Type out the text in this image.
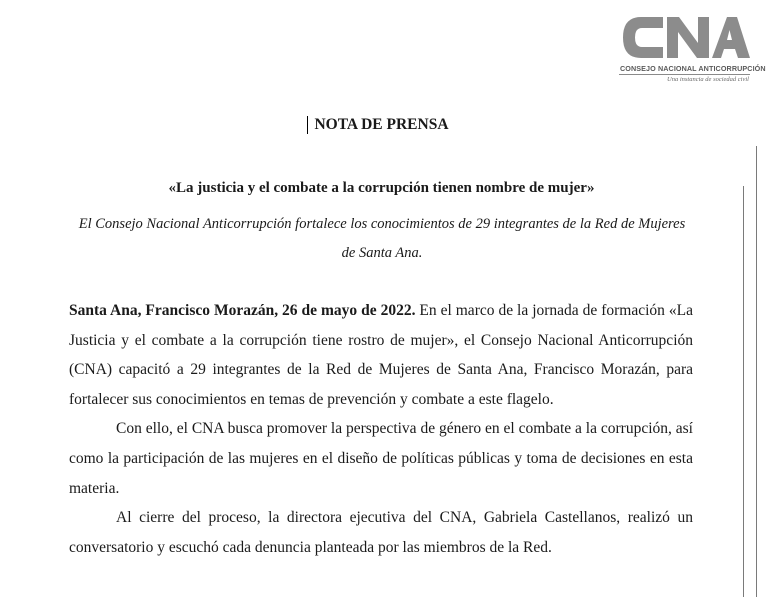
CONSEJO NACIONAL ANTICORRUPCIÓN
Una instancia de sociedad civil
NOTA DE PRENSA
«La justicia y el combate a la corrupción tienen nombre de mujer»
El Consejo Nacional Anticorrupción fortalece los conocimientos de 29 integrantes de la Red de Mujeres de Santa Ana.

Santa Ana, Francisco Morazán, 26 de mayo de 2022. En el marco de la jornada de formación «La Justicia y el combate a la corrupción tiene rostro de mujer», el Consejo Nacional Anticorrupción (CNA) capacitó a 29 integrantes de la Red de Mujeres de Santa Ana, Francisco Morazán, para fortalecer sus conocimientos en temas de prevención y combate a este flagelo.

Con ello, el CNA busca promover la perspectiva de género en el combate a la corrupción, así como la participación de las mujeres en el diseño de políticas públicas y toma de decisiones en esta materia.

Al cierre del proceso, la directora ejecutiva del CNA, Gabriela Castellanos, realizó un conversatorio y escuchó cada denuncia planteada por las miembros de la Red.
